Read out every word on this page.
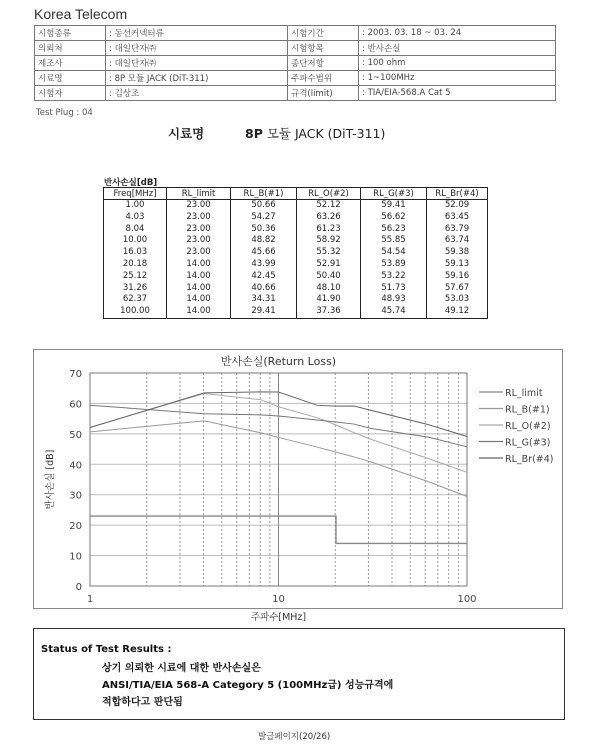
Korea Telecom
시험종류	: 동선커넥터류	시험기간	: 2003. 03. 18 ~ 03. 24
의뢰처	: 대일단자㈜	시험항목	: 반사손실
제조사	: 대일단자㈜	종단저항	: 100 ohm
시료명	: 8P 모듈 JACK (DiT-311)	주파수범위	: 1~100MHz
시험자	: 김상조	규격(limit)	: TIA/EIA-568.A Cat 5
Test Plug : 04
시료명	8P 모듈 JACK (DiT-311)
반사손실[dB]
Freq[MHz]	RL_limit	RL_B(#1)	RL_O(#2)	RL_G(#3)	RL_Br(#4)
1.00	23.00	50.66	52.12	59.41	52.09
4.03	23.00	54.27	63.26	56.62	63.45
8.04	23.00	50.36	61.23	56.23	63.79
10.00	23.00	48.82	58.92	55.85	63.74
16.03	23.00	45.66	55.32	54.54	59.38
20.18	14.00	43.99	52.91	53.89	59.13
25.12	14.00	42.45	50.40	53.22	59.16
31.26	14.00	40.66	48.10	51.73	57.67
62.37	14.00	34.31	41.90	48.93	53.03
100.00	14.00	29.41	37.36	45.74	49.12
0
10
20
30
40
50
60
70
1	10	100
반사손실(Return Loss)
주파수[MHz]
반사손실 [dB]
RL_limit
RL_B(#1)
RL_O(#2)
RL_G(#3)
RL_Br(#4)
Status of Test Results :
상기 의뢰한 시료에 대한 반사손실은
ANSI/TIA/EIA 568-A Category 5 (100MHz급) 성능규격에
적합하다고 판단됨
발급페이지(20/26)
